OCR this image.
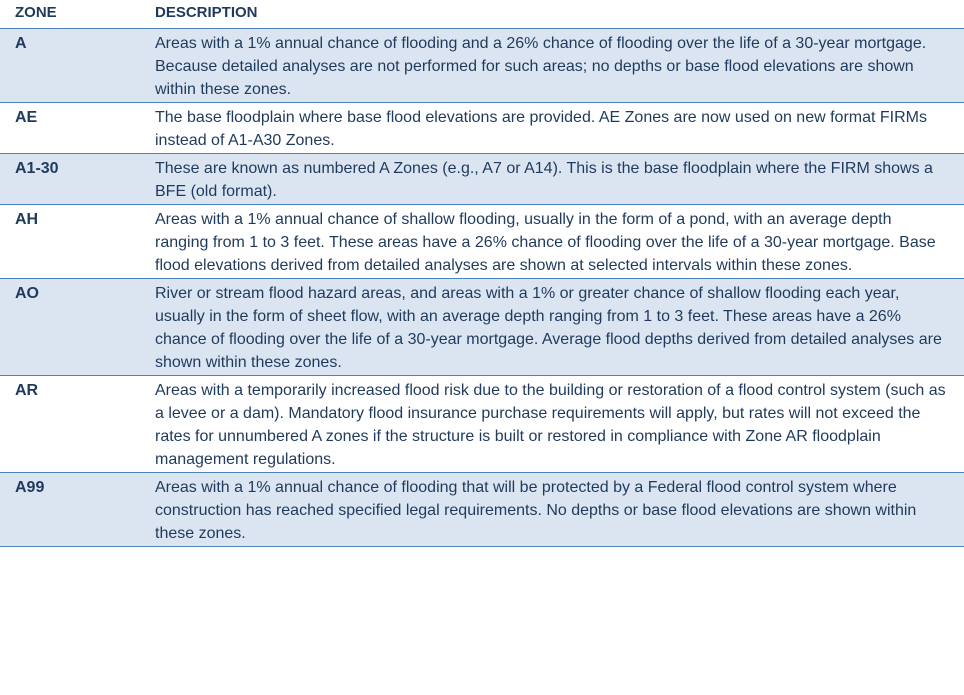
ZONE	DESCRIPTION
A	Areas with a 1% annual chance of flooding and a 26% chance of flooding over the life of a 30-year mortgage. Because detailed analyses are not performed for such areas; no depths or base flood elevations are shown within these zones.
AE	The base floodplain where base flood elevations are provided. AE Zones are now used on new format FIRMs instead of A1-A30 Zones.
A1-30	These are known as numbered A Zones (e.g., A7 or A14). This is the base floodplain where the FIRM shows a BFE (old format).
AH	Areas with a 1% annual chance of shallow flooding, usually in the form of a pond, with an average depth ranging from 1 to 3 feet. These areas have a 26% chance of flooding over the life of a 30-year mortgage. Base flood elevations derived from detailed analyses are shown at selected intervals within these zones.
AO	River or stream flood hazard areas, and areas with a 1% or greater chance of shallow flooding each year, usually in the form of sheet flow, with an average depth ranging from 1 to 3 feet. These areas have a 26% chance of flooding over the life of a 30-year mortgage. Average flood depths derived from detailed analyses are shown within these zones.
AR	Areas with a temporarily increased flood risk due to the building or restoration of a flood control system (such as a levee or a dam). Mandatory flood insurance purchase requirements will apply, but rates will not exceed the rates for unnumbered A zones if the structure is built or restored in compliance with Zone AR floodplain management regulations.
A99	Areas with a 1% annual chance of flooding that will be protected by a Federal flood control system where construction has reached specified legal requirements. No depths or base flood elevations are shown within these zones.
